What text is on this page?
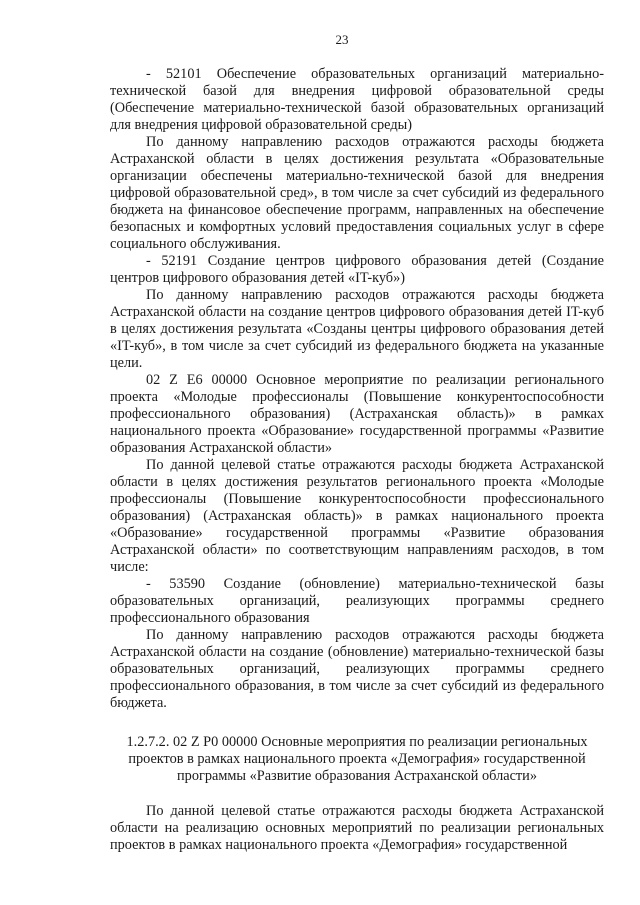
23

- 52101 Обеспечение образовательных организаций материально-технической базой для внедрения цифровой образовательной среды (Обеспечение материально-технической базой образовательных организаций для внедрения цифровой образовательной среды)

По данному направлению расходов отражаются расходы бюджета Астраханской области в целях достижения результата «Образовательные организации обеспечены материально-технической базой для внедрения цифровой образовательной сред», в том числе за счет субсидий из федерального бюджета на финансовое обеспечение программ, направленных на обеспечение безопасных и комфортных условий предоставления социальных услуг в сфере социального обслуживания.

- 52191 Создание центров цифрового образования детей (Создание центров цифрового образования детей «IT-куб»)

По данному направлению расходов отражаются расходы бюджета Астраханской области на создание центров цифрового образования детей IT-куб в целях достижения результата «Созданы центры цифрового образования детей «IT-куб», в том числе за счет субсидий из федерального бюджета на указанные цели.

02 Z E6 00000 Основное мероприятие по реализации регионального проекта «Молодые профессионалы (Повышение конкурентоспособности профессионального образования) (Астраханская область)» в рамках национального проекта «Образование» государственной программы «Развитие образования Астраханской области»

По данной целевой статье отражаются расходы бюджета Астраханской области в целях достижения результатов регионального проекта «Молодые профессионалы (Повышение конкурентоспособности профессионального образования) (Астраханская область)» в рамках национального проекта «Образование» государственной программы «Развитие образования Астраханской области» по соответствующим направлениям расходов, в том числе:

- 53590 Создание (обновление) материально-технической базы образовательных организаций, реализующих программы среднего профессионального образования

По данному направлению расходов отражаются расходы бюджета Астраханской области на создание (обновление) материально-технической базы образовательных организаций, реализующих программы среднего профессионального образования, в том числе за счет субсидий из федерального бюджета.

1.2.7.2. 02 Z P0 00000 Основные мероприятия по реализации региональных
проектов в рамках национального проекта «Демография» государственной
программы «Развитие образования Астраханской области»

По данной целевой статье отражаются расходы бюджета Астраханской области на реализацию основных мероприятий по реализации региональных проектов в рамках национального проекта «Демография» государственной
